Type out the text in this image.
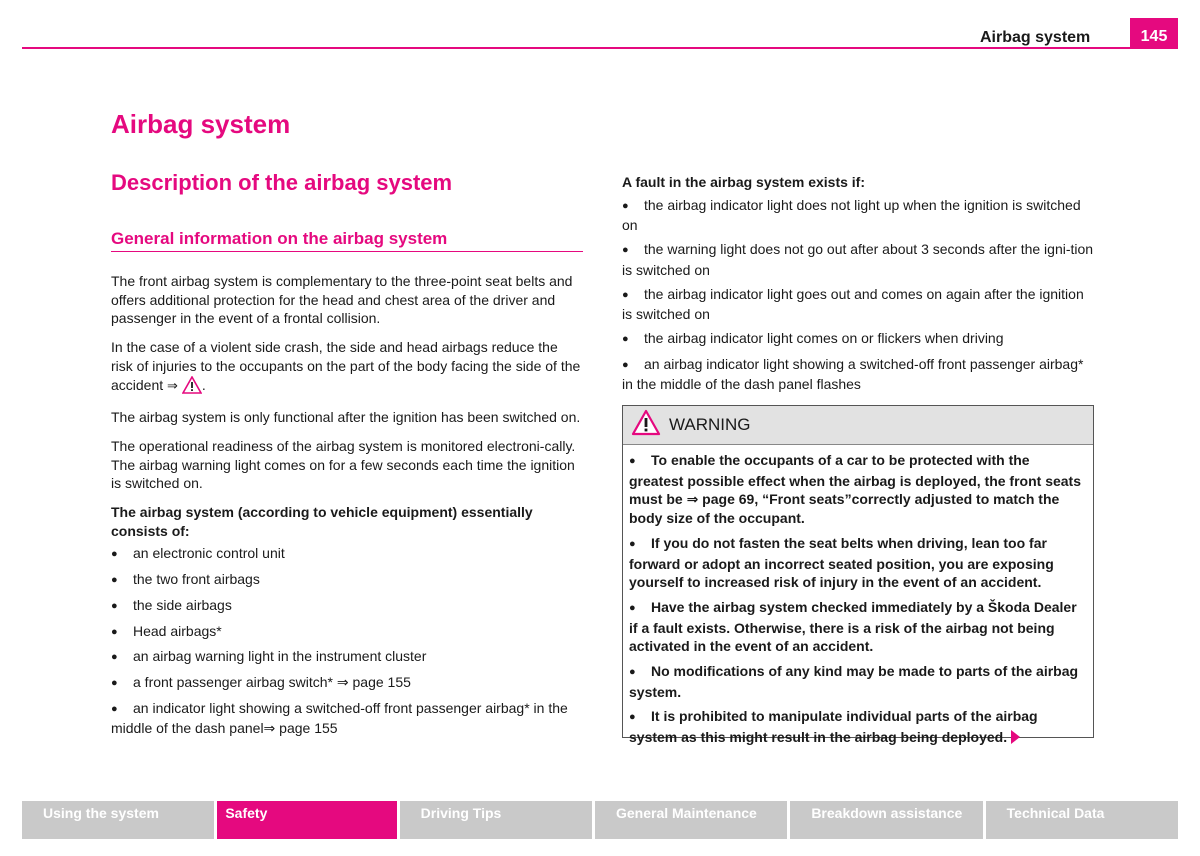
Airbag system	145
Airbag system
Description of the airbag system
General information on the airbag system

The front airbag system is complementary to the three-point seat belts and offers additional protection for the head and chest area of the driver and passenger in the event of a frontal collision.

In the case of a violent side crash, the side and head airbags reduce the risk of injuries to the occupants on the part of the body facing the side of the accident ⇒ .

The airbag system is only functional after the ignition has been switched on.

The operational readiness of the airbag system is monitored electroni-cally. The airbag warning light comes on for a few seconds each time the ignition is switched on.

The airbag system (according to vehicle equipment) essentially consists of:

● an electronic control unit
● the two front airbags
● the side airbags
● Head airbags*
● an airbag warning light in the instrument cluster
● a front passenger airbag switch* ⇒ page 155
● an indicator light showing a switched-off front passenger airbag* in the middle of the dash panel⇒ page 155

A fault in the airbag system exists if:

● the airbag indicator light does not light up when the ignition is switched on
● the warning light does not go out after about 3 seconds after the igni-tion is switched on
● the airbag indicator light goes out and comes on again after the ignition is switched on
● the airbag indicator light comes on or flickers when driving
● an airbag indicator light showing a switched-off front passenger airbag* in the middle of the dash panel flashes
WARNING
● To enable the occupants of a car to be protected with the greatest possible effect when the airbag is deployed, the front seats must be ⇒ page 69, “Front seats”correctly adjusted to match the body size of the occupant.
● If you do not fasten the seat belts when driving, lean too far forward or adopt an incorrect seated position, you are exposing yourself to increased risk of injury in the event of an accident.
● Have the airbag system checked immediately by a Škoda Dealer if a fault exists. Otherwise, there is a risk of the airbag not being activated in the event of an accident.
● No modifications of any kind may be made to parts of the airbag system.
● It is prohibited to manipulate individual parts of the airbag system as this might result in the airbag being deployed.
Using the system	Safety	Driving Tips	General Maintenance	Breakdown assistance	Technical Data
